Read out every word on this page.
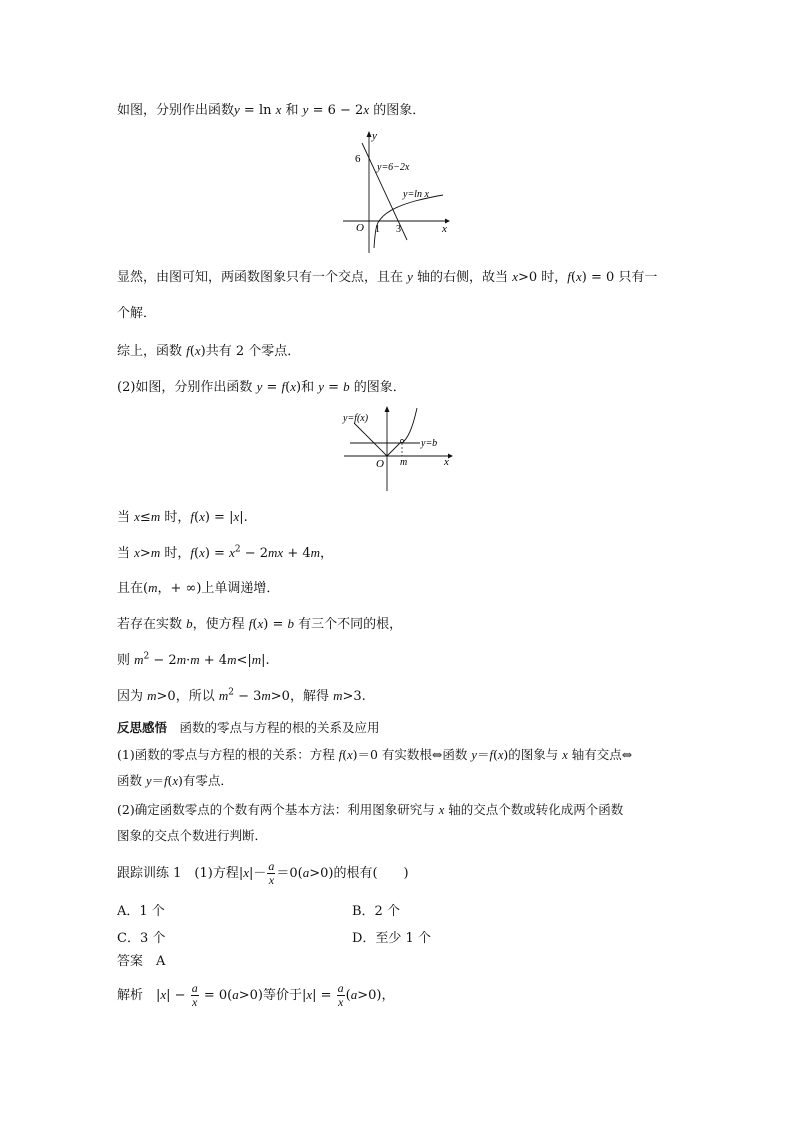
如图，分别作出函数y = ln x 和 y = 6 − 2x 的图象．
y
x
O
6
1 3
y=6−2x
y=ln x
显然，由图可知，两函数图象只有一个交点，且在 y 轴的右侧，故当 x>0 时，f(x) = 0 只有一
个解．
综上，函数 f(x)共有 2 个零点．
(2)如图，分别作出函数 y = f(x)和 y = b 的图象．
y=f(x)
y=b
O m	x
当 x≤m 时，f(x) = |x|.
当 x>m 时，$f(x) = x^2 - 2mx + 4m$，
且在(m，+ ∞)上单调递增．
若存在实数 b，使方程 f(x) = b 有三个不同的根，
则 $m^2 - 2m\cdot m + 4m<|m|$.
因为 m>0，所以 $m^2 - 3m>0$，解得 m>3.
反思感悟　函数的零点与方程的根的关系及应用
(1)函数的零点与方程的根的关系：方程 f(x)＝0 有实数根⇔函数 y＝f(x)的图象与 x 轴有交点⇔
函数 y＝f(x)有零点．
(2)确定函数零点的个数有两个基本方法：利用图象研究与 x 轴的交点个数或转化成两个函数
图象的交点个数进行判断．
跟踪训练 1　(1)方程$|x|- \frac{a}{x} =0(a>0)$的根有(　　)
A．1 个	B．2 个
C．3 个	D．至少 1 个
答案　A
解析　$|x| - \frac{a}{x} = 0(a>0)$等价于$|x| = \frac{a}{x} (a>0)$，
